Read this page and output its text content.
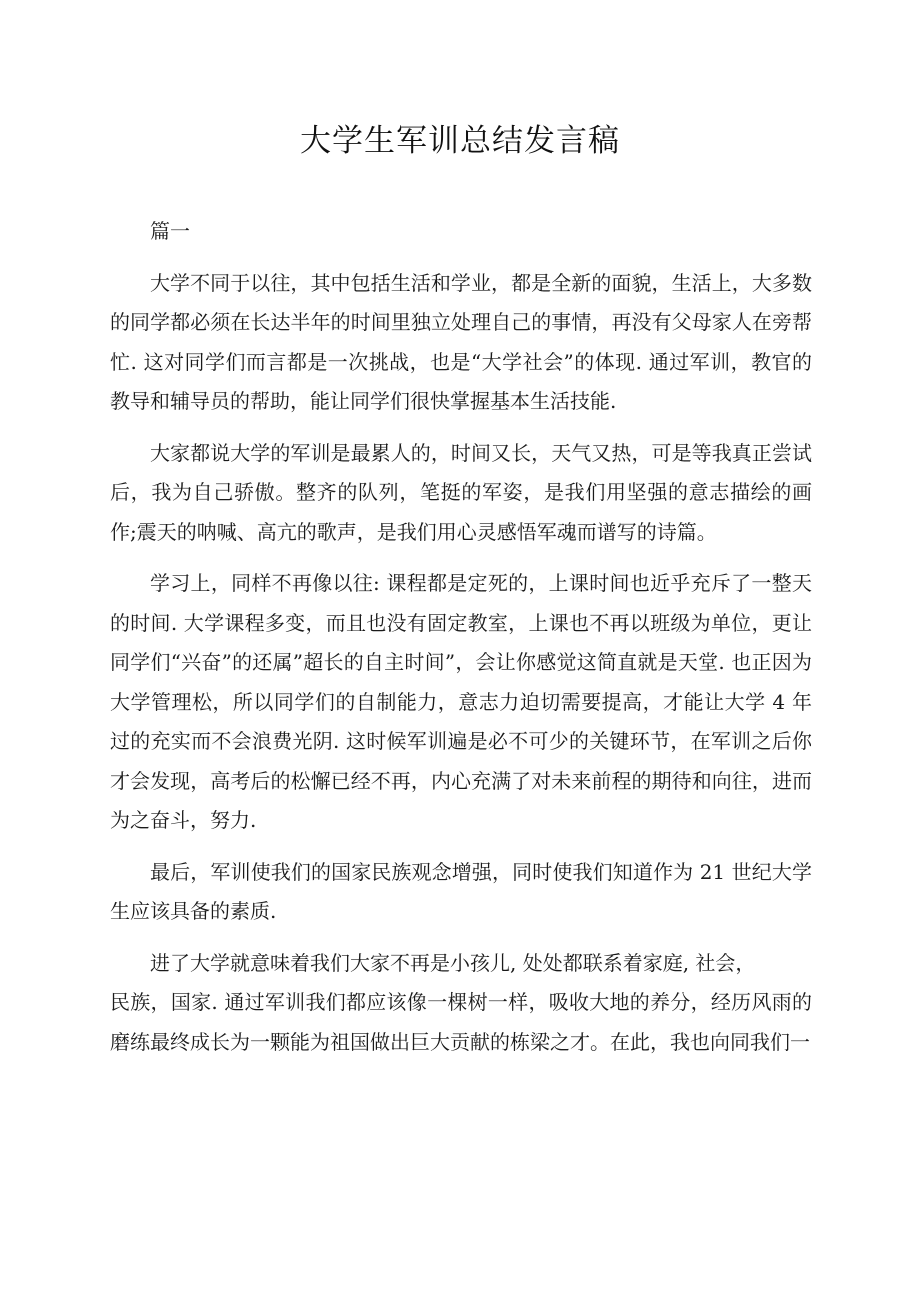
大学生军训总结发言稿
篇一

大学不同于以往，其中包括生活和学业，都是全新的面貌，生活上，大多数的同学都必须在长达半年的时间里独立处理自己的事情，再没有父母家人在旁帮忙. 这对同学们而言都是一次挑战，也是“大学社会”的体现. 通过军训，教官的教导和辅导员的帮助，能让同学们很快掌握基本生活技能.

大家都说大学的军训是最累人的，时间又长，天气又热，可是等我真正尝试后，我为自己骄傲。整齐的队列，笔挺的军姿，是我们用坚强的意志描绘的画作;震天的呐喊、高亢的歌声，是我们用心灵感悟军魂而谱写的诗篇。

学习上，同样不再像以往: 课程都是定死的，上课时间也近乎充斥了一整天的时间. 大学课程多变，而且也没有固定教室，上课也不再以班级为单位，更让同学们“兴奋”的还属”超长的自主时间”，会让你感觉这简直就是天堂. 也正因为大学管理松，所以同学们的自制能力，意志力迫切需要提高，才能让大学 4 年过的充实而不会浪费光阴. 这时候军训遍是必不可少的关键环节，在军训之后你才会发现，高考后的松懈已经不再，内心充满了对未来前程的期待和向往，进而为之奋斗，努力.

最后，军训使我们的国家民族观念增强，同时使我们知道作为 21 世纪大学生应该具备的素质.

进了大学就意味着我们大家不再是小孩儿, 处处都联系着家庭, 社会，

民族，国家. 通过军训我们都应该像一棵树一样，吸收大地的养分，经历风雨的磨练最终成长为一颗能为祖国做出巨大贡献的栋梁之才。在此，我也向同我们一
